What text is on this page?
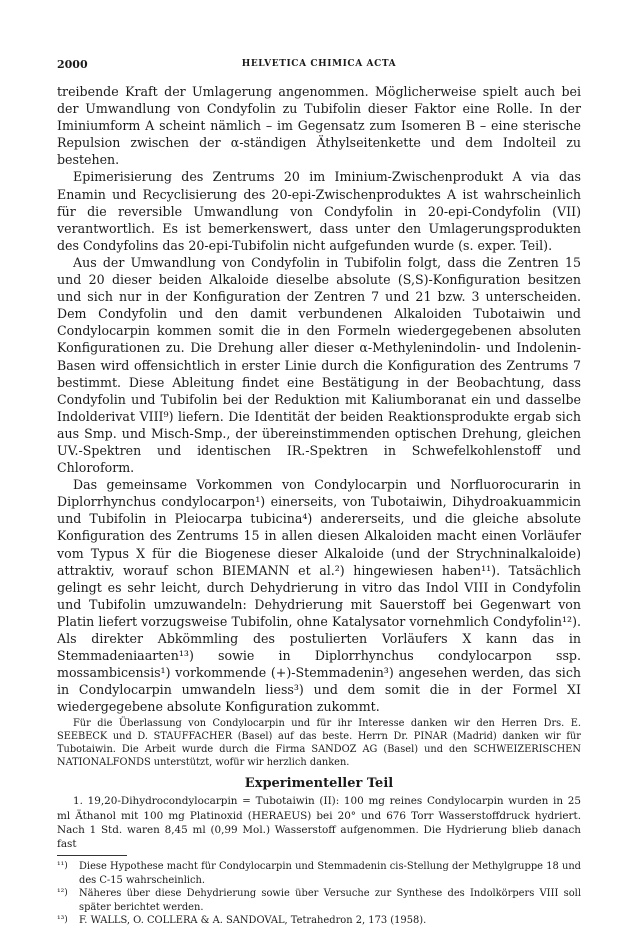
2000	HELVETICA CHIMICA ACTA

treibende Kraft der Umlagerung angenommen. Möglicherweise spielt auch bei der Umwandlung von Condyfolin zu Tubifolin dieser Faktor eine Rolle. In der Iminiumform A scheint nämlich – im Gegensatz zum Isomeren B – eine sterische Repulsion zwischen der α-ständigen Äthylseitenkette und dem Indolteil zu bestehen.

Epimerisierung des Zentrums 20 im Iminium-Zwischenprodukt A via das Enamin und Recyclisierung des 20-epi-Zwischenproduktes A ist wahrscheinlich für die reversible Umwandlung von Condyfolin in 20-epi-Condyfolin (VII) verantwortlich. Es ist bemerkenswert, dass unter den Umlagerungsprodukten des Condyfolins das 20-epi-Tubifolin nicht aufgefunden wurde (s. exper. Teil).

Aus der Umwandlung von Condyfolin in Tubifolin folgt, dass die Zentren 15 und 20 dieser beiden Alkaloide dieselbe absolute (S,S)-Konfiguration besitzen und sich nur in der Konfiguration der Zentren 7 und 21 bzw. 3 unterscheiden. Dem Condyfolin und den damit verbundenen Alkaloiden Tubotaiwin und Condylocarpin kommen somit die in den Formeln wiedergegebenen absoluten Konfigurationen zu. Die Drehung aller dieser α-Methylenindolin- und Indolenin-Basen wird offensichtlich in erster Linie durch die Konfiguration des Zentrums 7 bestimmt. Diese Ableitung findet eine Bestätigung in der Beobachtung, dass Condyfolin und Tubifolin bei der Reduktion mit Kaliumboranat ein und dasselbe Indolderivat VIII⁹) liefern. Die Identität der beiden Reaktionsprodukte ergab sich aus Smp. und Misch-Smp., der übereinstimmenden optischen Drehung, gleichen UV.-Spektren und identischen IR.-Spektren in Schwefelkohlenstoff und Chloroform.

Das gemeinsame Vorkommen von Condylocarpin und Norfluorocurarin in Diplorrhynchus condylocarpon¹) einerseits, von Tubotaiwin, Dihydroakuammicin und Tubifolin in Pleiocarpa tubicina⁴) andererseits, und die gleiche absolute Konfiguration des Zentrums 15 in allen diesen Alkaloiden macht einen Vorläufer vom Typus X für die Biogenese dieser Alkaloide (und der Strychninalkaloide) attraktiv, worauf schon BIEMANN et al.²) hingewiesen haben¹¹). Tatsächlich gelingt es sehr leicht, durch Dehydrierung in vitro das Indol VIII in Condyfolin und Tubifolin umzuwandeln: Dehydrierung mit Sauerstoff bei Gegenwart von Platin liefert vorzugsweise Tubifolin, ohne Katalysator vornehmlich Condyfolin¹²). Als direkter Abkömmling des postulierten Vorläufers X kann das in Stemmadeniaarten¹³) sowie in Diplorrhynchus condylocarpon ssp. mossambicensis¹) vorkommende (+)-Stemmadenin³) angesehen werden, das sich in Condylocarpin umwandeln liess³) und dem somit die in der Formel XI wiedergegebene absolute Konfiguration zukommt.

Für die Überlassung von Condylocarpin und für ihr Interesse danken wir den Herren Drs. E. SEEBECK und D. STAUFFACHER (Basel) auf das beste. Herrn Dr. PINAR (Madrid) danken wir für Tubotaiwin. Die Arbeit wurde durch die Firma SANDOZ AG (Basel) und den SCHWEIZERISCHEN NATIONALFONDS unterstützt, wofür wir herzlich danken.

Experimenteller Teil

1. 19,20-Dihydrocondylocarpin = Tubotaiwin (II): 100 mg reines Condylocarpin wurden in 25 ml Äthanol mit 100 mg Platinoxid (HERAEUS) bei 20° und 676 Torr Wasserstoffdruck hydriert. Nach 1 Std. waren 8,45 ml (0,99 Mol.) Wasserstoff aufgenommen. Die Hydrierung blieb danach fast

¹¹)	Diese Hypothese macht für Condylocarpin und Stemmadenin cis-Stellung der Methylgruppe 18 und des C-15 wahrscheinlich.
¹²)	Näheres über diese Dehydrierung sowie über Versuche zur Synthese des Indolkörpers VIII soll später berichtet werden.
¹³)	F. WALLS, O. COLLERA & A. SANDOVAL, Tetrahedron 2, 173 (1958).
